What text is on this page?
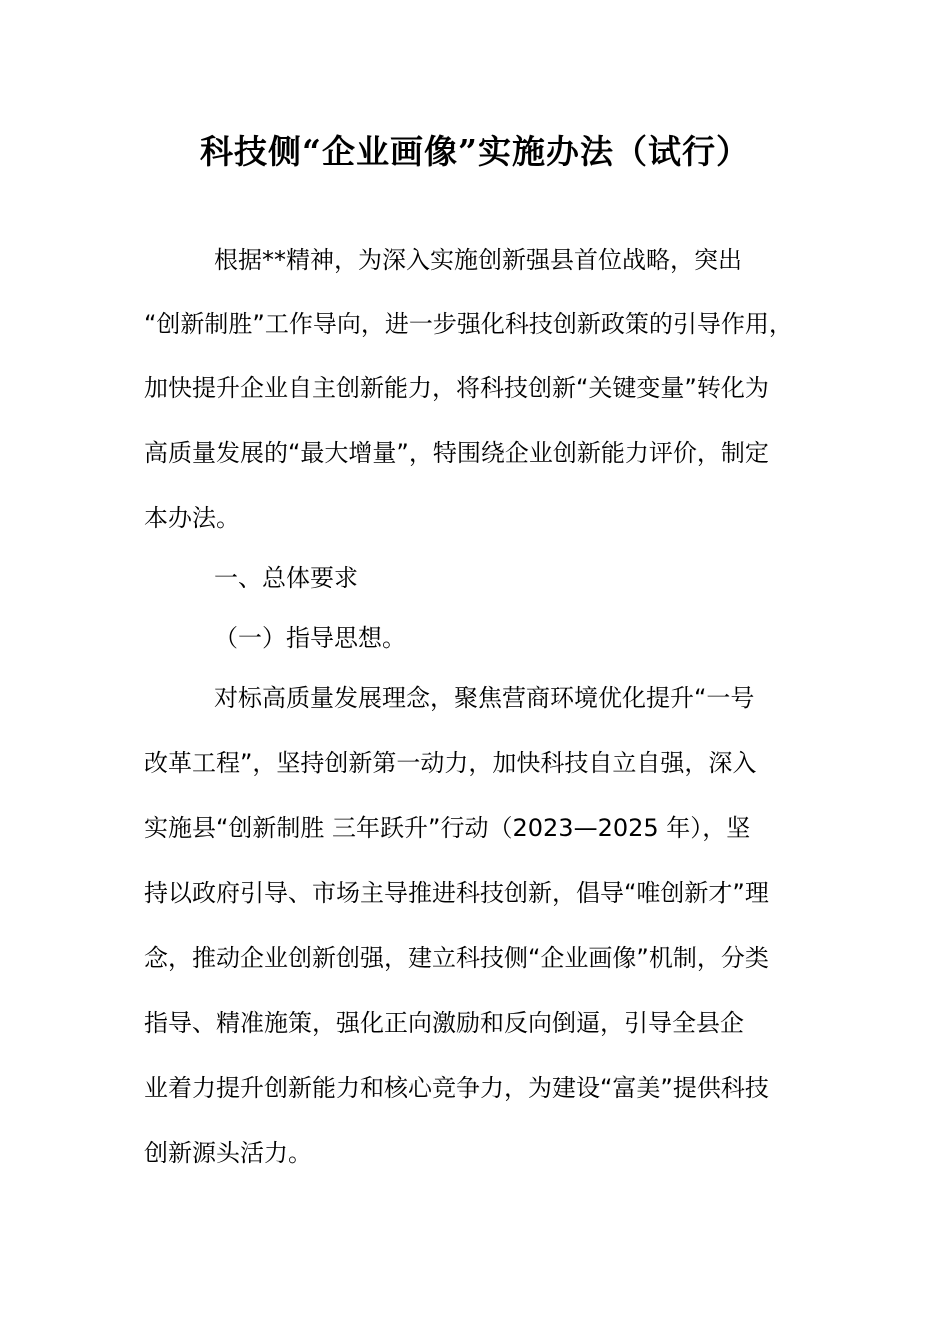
科技侧“企业画像”实施办法（试行）
根据**精神，为深入实施创新强县首位战略，突出
“创新制胜”工作导向，进一步强化科技创新政策的引导作用，
加快提升企业自主创新能力，将科技创新“关键变量”转化为
高质量发展的“最大增量”，特围绕企业创新能力评价，制定
本办法。
一、总体要求
（一）指导思想。
对标高质量发展理念，聚焦营商环境优化提升“一号
改革工程”，坚持创新第一动力，加快科技自立自强，深入
实施县“创新制胜 三年跃升”行动（2023—2025 年），坚
持以政府引导、市场主导推进科技创新，倡导“唯创新才”理
念，推动企业创新创强，建立科技侧“企业画像”机制，分类
指导、精准施策，强化正向激励和反向倒逼，引导全县企
业着力提升创新能力和核心竞争力，为建设“富美”提供科技
创新源头活力。
